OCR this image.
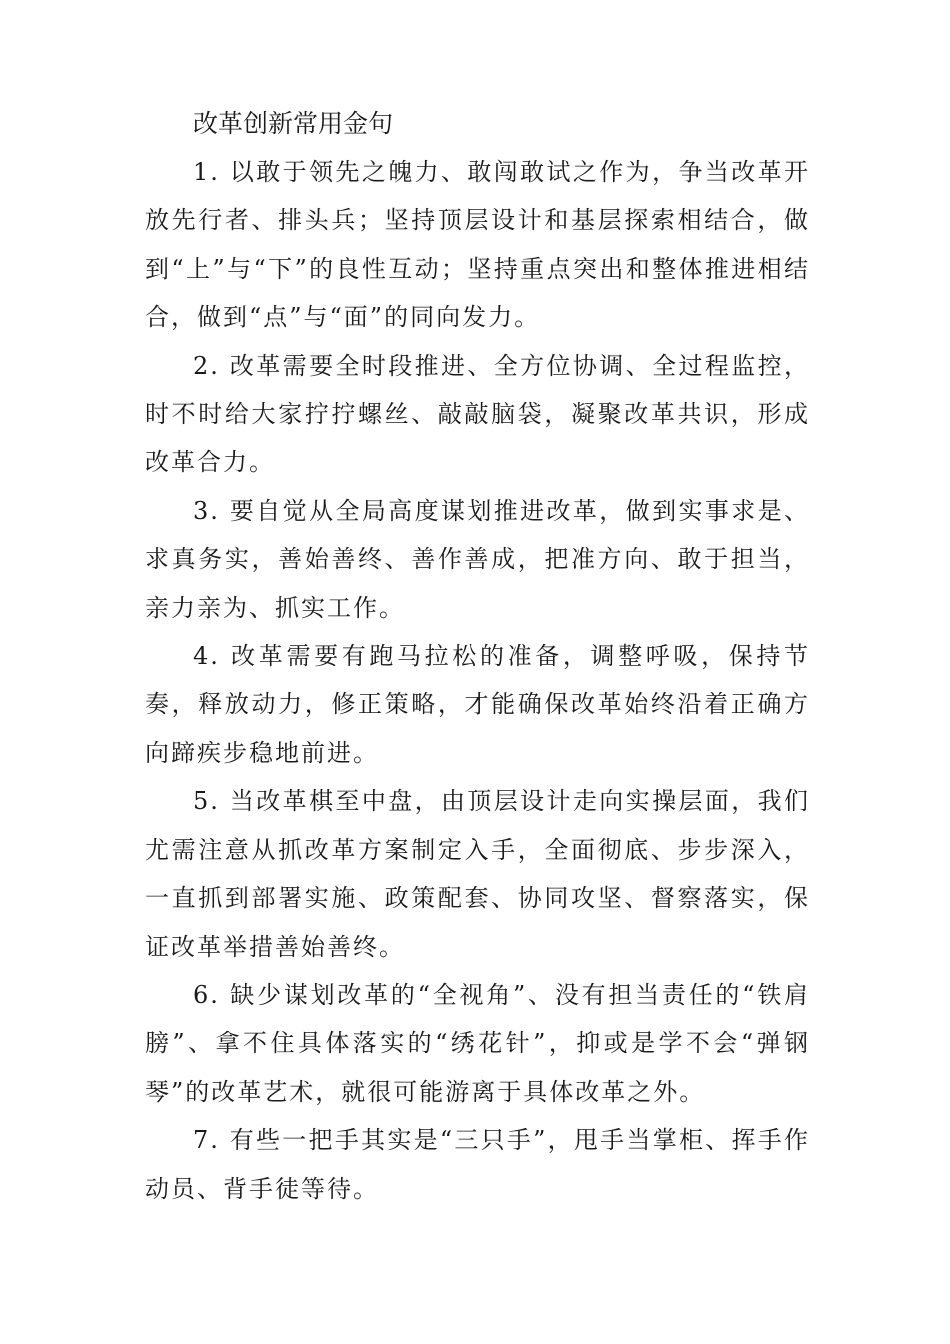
改革创新常用金句

1. 以敢于领先之魄力、敢闯敢试之作为，争当改革开放先行者、排头兵；坚持顶层设计和基层探索相结合，做到“上”与“下”的良性互动；坚持重点突出和整体推进相结合，做到“点”与“面”的同向发力。

2. 改革需要全时段推进、全方位协调、全过程监控，时不时给大家拧拧螺丝、敲敲脑袋，凝聚改革共识，形成改革合力。

3. 要自觉从全局高度谋划推进改革，做到实事求是、求真务实，善始善终、善作善成，把准方向、敢于担当，亲力亲为、抓实工作。

4. 改革需要有跑马拉松的准备，调整呼吸，保持节奏，释放动力，修正策略，才能确保改革始终沿着正确方向蹄疾步稳地前进。

5. 当改革棋至中盘，由顶层设计走向实操层面，我们尤需注意从抓改革方案制定入手，全面彻底、步步深入，一直抓到部署实施、政策配套、协同攻坚、督察落实，保证改革举措善始善终。

6. 缺少谋划改革的“全视角”、没有担当责任的“铁肩膀”、拿不住具体落实的“绣花针”，抑或是学不会“弹钢琴”的改革艺术，就很可能游离于具体改革之外。

7. 有些一把手其实是“三只手”，甩手当掌柜、挥手作动员、背手徒等待。
